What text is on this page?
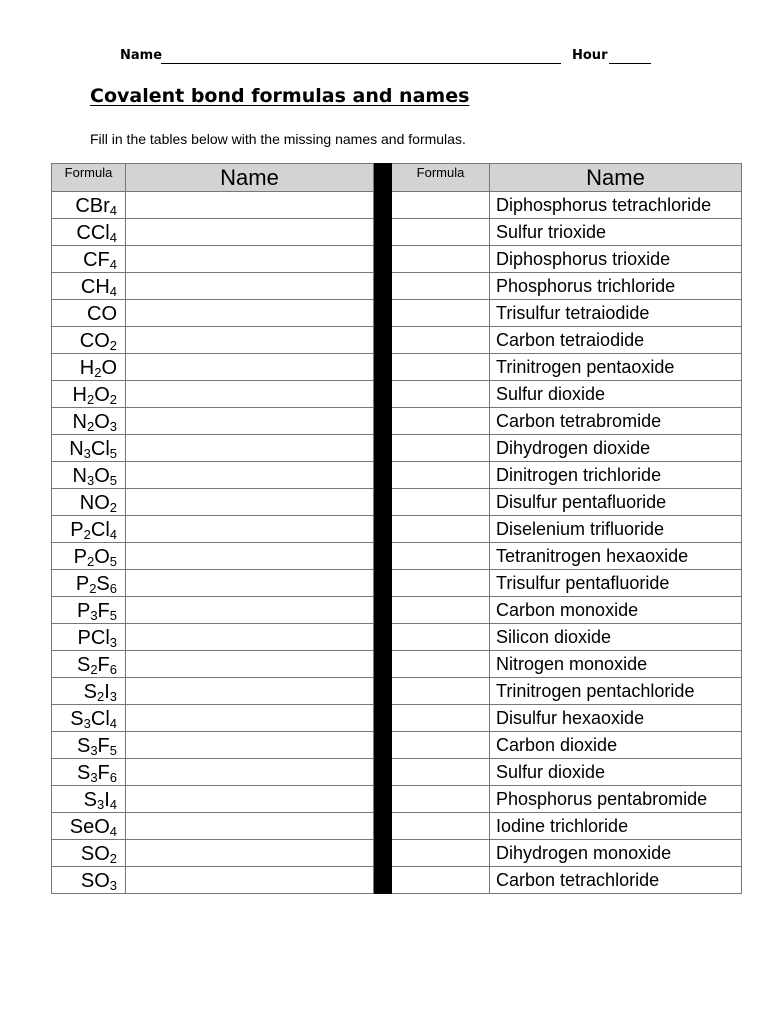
Name	Hour
Covalent bond formulas and names
Fill in the tables below with the missing names and formulas.
Formula	Name		Formula	Name
CBr$_4$				Diphosphorus tetrachloride
CCl$_4$				Sulfur trioxide
$CF_4$				Diphosphorus trioxide
$CH_4$				Phosphorus trichloride
CO				Trisulfur tetraiodide
$CO_2$				Carbon tetraiodide
$H_2O$				Trinitrogen pentaoxide
$H_2O_2$				Sulfur dioxide
$N_2O_3$				Carbon tetrabromide
$N_3Cl_5$				Dihydrogen dioxide
$N_3O_5$				Dinitrogen trichloride
$NO_2$				Disulfur pentafluoride
$P_2Cl_4$				Diselenium trifluoride
$P_2O_5$				Tetranitrogen hexaoxide
$P_2S_6$				Trisulfur pentafluoride
$P_3F_5$				Carbon monoxide
PCl$_3$				Silicon dioxide
$S_2F_6$				Nitrogen monoxide
$S_2I_3$				Trinitrogen pentachloride
$S_3Cl_4$				Disulfur hexaoxide
$S_3F_5$				Carbon dioxide
$S_3F_6$				Sulfur dioxide
$S_3I_4$				Phosphorus pentabromide
SeO$_4$				Iodine trichloride
$SO_2$				Dihydrogen monoxide
$SO_3$				Carbon tetrachloride
